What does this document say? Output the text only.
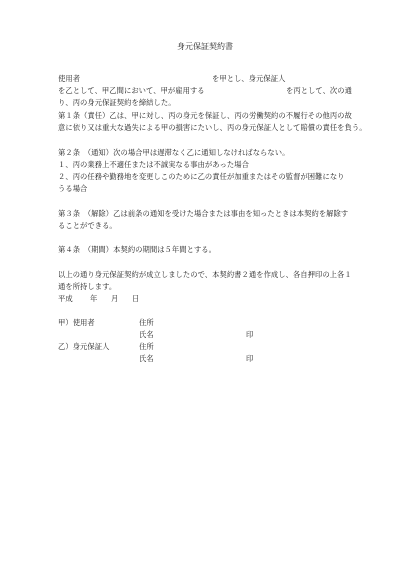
身元保証契約書
使用者	を甲とし、身元保証人
を乙として、甲乙間において、甲が雇用する	を丙として、次の通
り、丙の身元保証契約を締結した。
第１条（責任）乙は、甲に対し、丙の身元を保証し、丙の労働契約の不履行その他丙の故
意に依り又は重大な過失による甲の損害にたいし、丙の身元保証人として賠償の責任を負う。
第２条　（通知）次の場合甲は遅滞なく乙に通知しなければならない。
１、丙の業務上不適任または不誠実なる事由があった場合
２、丙の任務や勤務地を変更しこのために乙の責任が加重またはその監督が困難になり
うる場合
第３条　（解除）乙は前条の通知を受けた場合または事由を知ったときは本契約を解除す
ることができる。
第４条　（期間）本契約の期間は５年間とする。
以上の通り身元保証契約が成立しましたので、本契約書２通を作成し、各自押印の上各１
通を所持します。
平成 年 月 日
甲）使用者	住所
氏名	印
乙）身元保証人	住所
氏名	印
